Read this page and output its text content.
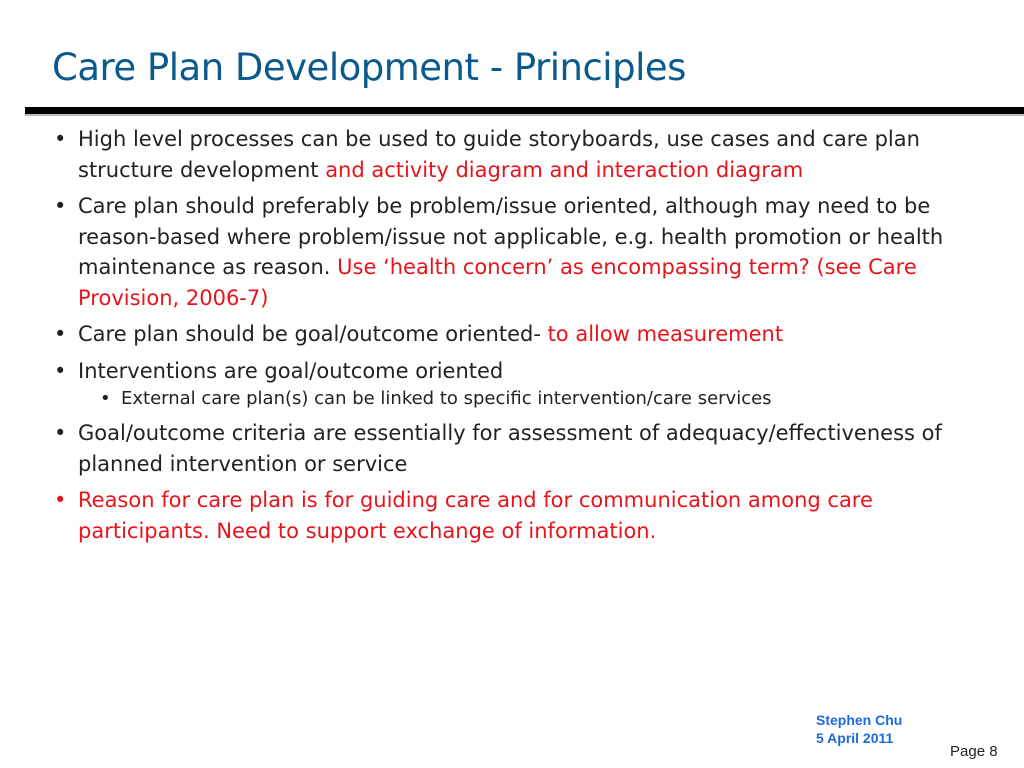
Care Plan Development - Principles
• High level processes can be used to guide storyboards, use cases and care plan structure development and activity diagram and interaction diagram
• Care plan should preferably be problem/issue oriented, although may need to be reason-based where problem/issue not applicable, e.g. health promotion or health maintenance as reason. Use ‘health concern’ as encompassing term? (see Care Provision, 2006-7)
• Care plan should be goal/outcome oriented- to allow measurement
• Interventions are goal/outcome oriented
• External care plan(s) can be linked to specific intervention/care services
• Goal/outcome criteria are essentially for assessment of adequacy/effectiveness of planned intervention or service
• Reason for care plan is for guiding care and for communication among care participants. Need to support exchange of information.
Stephen Chu
5 April 2011
Page 8
